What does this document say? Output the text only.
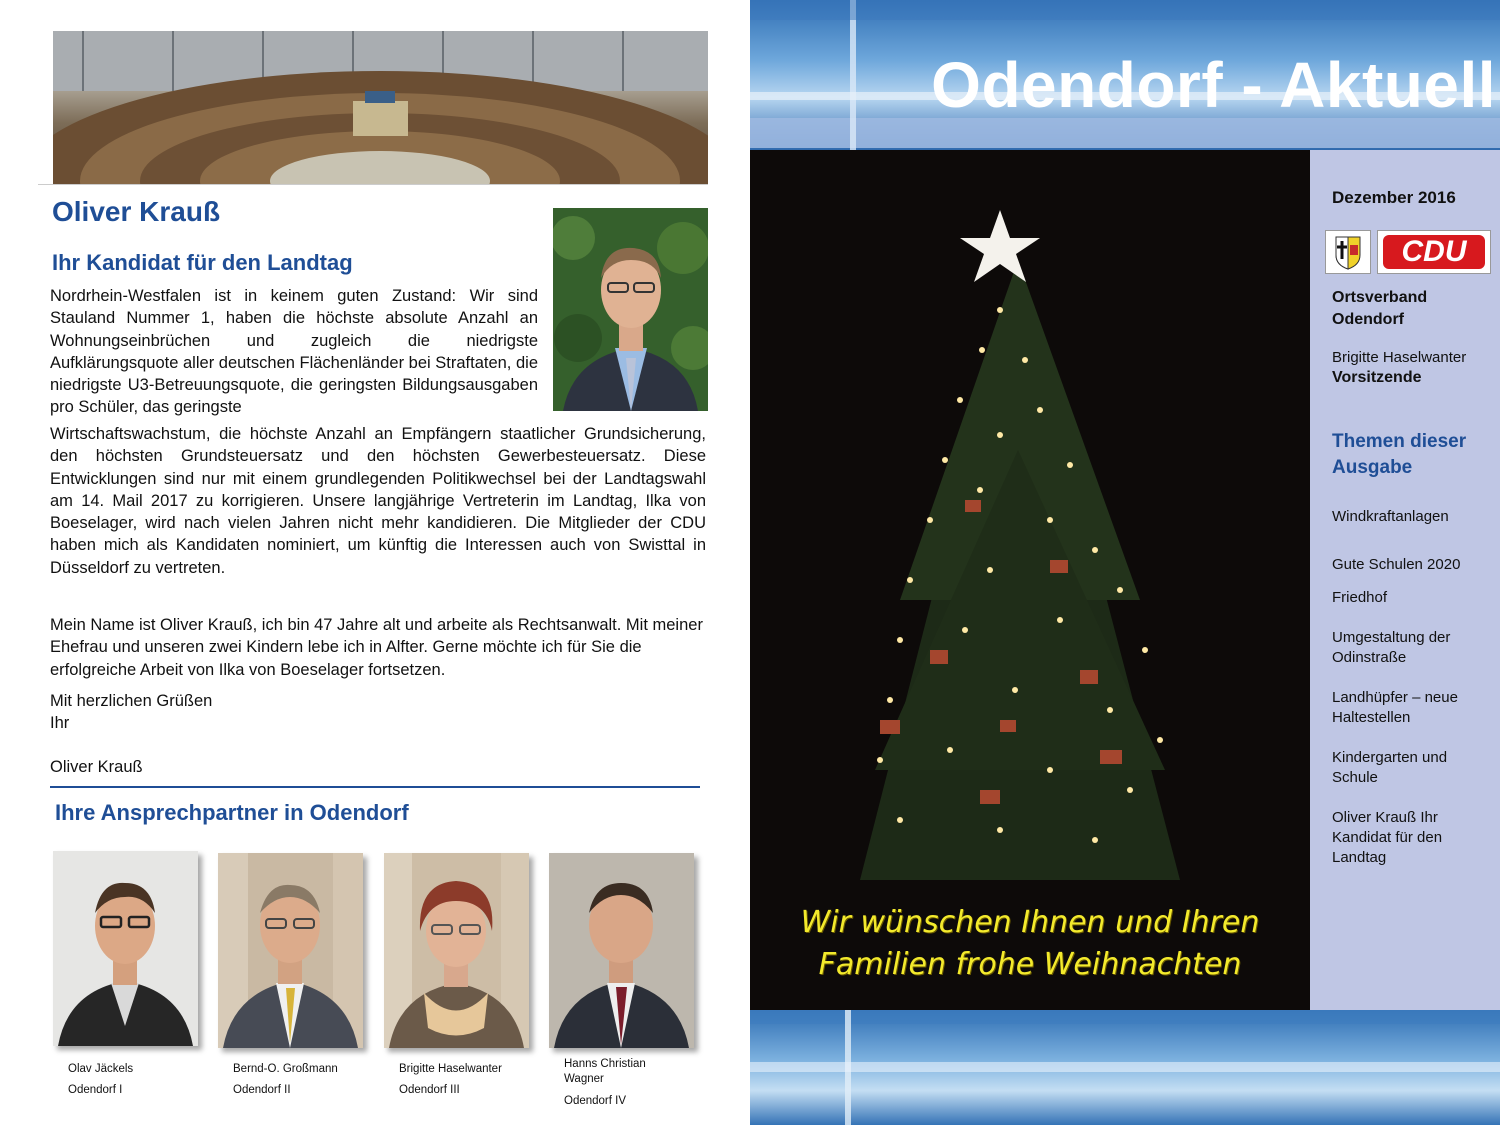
Oliver Krauß
Ihr Kandidat für den Landtag

Nordrhein-Westfalen ist in keinem guten Zustand: Wir sind Stauland Nummer 1, haben die höchste absolute Anzahl an Wohnungseinbrüchen und zugleich die niedrigste Aufklärungsquote aller deutschen Flächenländer bei Straftaten, die niedrigste U3-Betreuungsquote, die geringsten Bildungsausgaben pro Schüler, das geringste

Wirtschaftswachstum, die höchste Anzahl an Empfängern staatlicher Grundsicherung, den höchsten Grundsteuersatz und den höchsten Gewerbesteuersatz. Diese Entwicklungen sind nur mit einem grundlegenden Politikwechsel bei der Landtagswahl am 14. Mail 2017 zu korrigieren. Unsere langjährige Vertreterin im Landtag, Ilka von Boeselager, wird nach vielen Jahren nicht mehr kandidieren. Die Mitglieder der CDU haben mich als Kandidaten nominiert, um künftig die Interessen auch von Swisttal in Düsseldorf zu vertreten.

Mein Name ist Oliver Krauß, ich bin 47 Jahre alt und arbeite als Rechtsanwalt. Mit meiner Ehefrau und unseren zwei Kindern lebe ich in Alfter. Gerne möchte ich für Sie die erfolgreiche Arbeit von Ilka von Boeselager fortsetzen.

Mit herzlichen Grüßen
Ihr
Oliver Krauß
Ihre Ansprechpartner in Odendorf
Olav Jäckels
Odendorf I
Bernd-O. Großmann
Odendorf II
Brigitte Haselwanter
Odendorf III
Hanns Christian Wagner
Odendorf IV
Odendorf - Aktuell
Wir wünschen Ihnen und Ihren
Familien frohe Weihnachten
Dezember 2016
CDU
Ortsverband
Odendorf
Brigitte Haselwanter
Vorsitzende
Themen dieser
Ausgabe
Windkraftanlagen
Gute Schulen 2020
Friedhof
Umgestaltung der Odinstraße
Landhüpfer – neue Haltestellen
Kindergarten und Schule
Oliver Krauß Ihr Kandidat für den Landtag
